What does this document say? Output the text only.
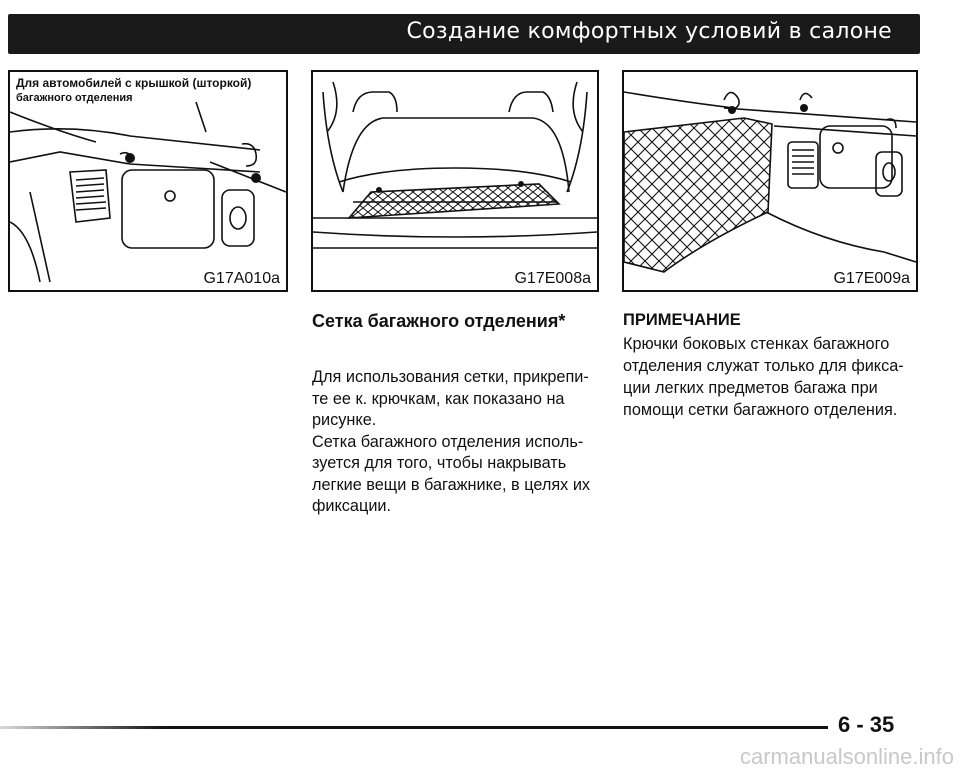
Создание комфортных условий в салоне
Для автомобилей с крышкой (шторкой)
багажного отделения
G17A010a	G17E008a	G17E009a
Сетка багажного отделения*

Для использования сетки, прикрепи-те ее к. крючкам, как показано на рисунке.

Сетка багажного отделения исполь-зуется для того, чтобы накрывать легкие вещи в багажнике, в целях их фиксации.

ПРИМЕЧАНИЕ
Крючки боковых стенках багажного отделения служат только для фикса-ции легких предметов багажа при помощи сетки багажного отделения.
6 - 35
carmanualsonline.info
